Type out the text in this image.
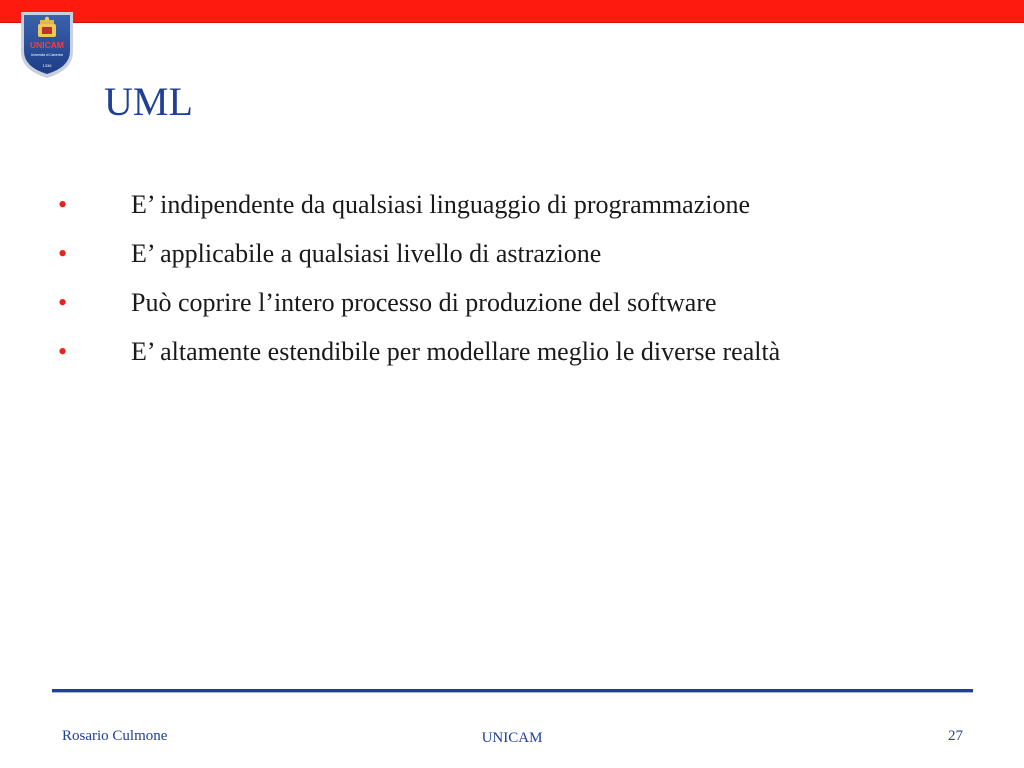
UNICAM
Università di Camerino
1336
UML
• E’ indipendente da qualsiasi linguaggio di programmazione
• E’ applicabile a qualsiasi livello di astrazione
• Può coprire l’intero processo di produzione del software
• E’ altamente estendibile per modellare meglio le diverse realtà
Rosario Culmone	UNICAM	27
